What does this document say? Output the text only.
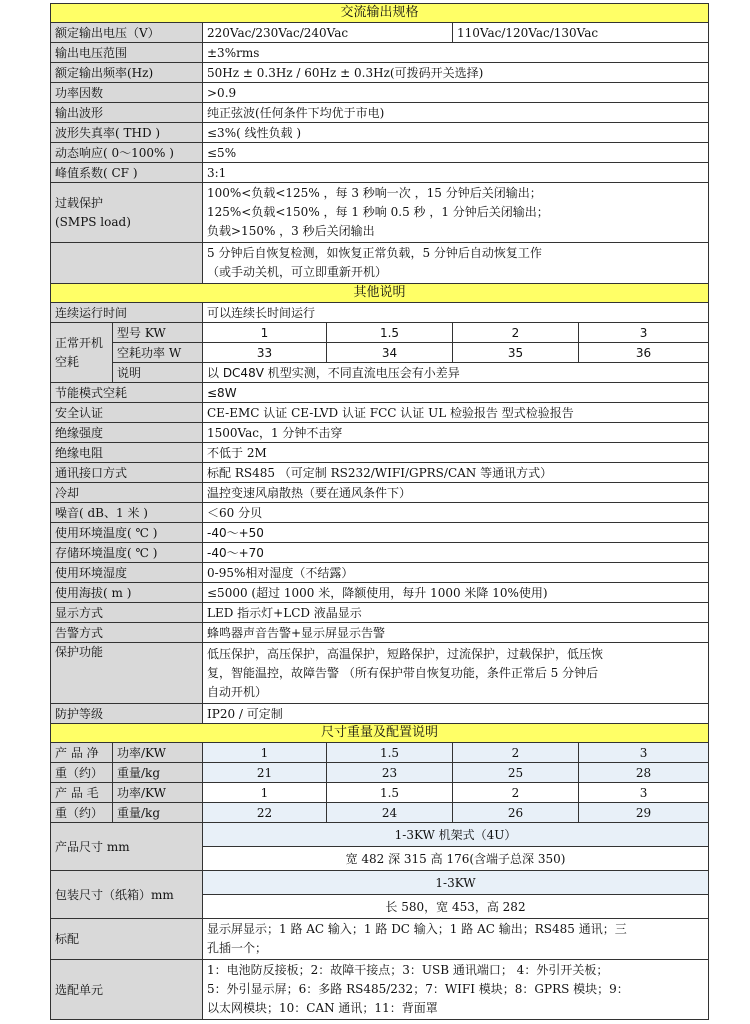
交流输出规格					
额定输出电压（V）		220Vac/230Vac/240Vac		110Vac/120Vac/130Vac	
输出电压范围		±3%rms			
额定输出频率(Hz)		50Hz ± 0.3Hz / 60Hz ± 0.3Hz(可拨码开关选择)			
功率因数		>0.9			
输出波形		纯正弦波(任何条件下均优于市电)			
波形失真率( THD )		≤3%( 线性负载 )			
动态响应( 0～100% )		≤5%			
峰值系数( CF )		3:1			

过载保护
(SMPS load)		100%<负载<125% ，每 3 秒响一次 ，15 分钟后关闭输出；
125%<负载<150% ，每 1 秒响 0.5 秒 ，1 分钟后关闭输出；
负载>150% ，3 秒后关闭输出			

		5 分钟后自恢复检测，如恢复正常负载，5 分钟后自动恢复工作
（或手动关机，可立即重新开机）			

其他说明					
连续运行时间		可以连续长时间运行			
正常开机空耗	型号 KW	1	1.5	2	3
	空耗功率 W	33	34	35	36
	说明	以 DC48V 机型实测，不同直流电压会有小差异			
节能模式空耗		≤8W			
安全认证		CE-EMC 认证 CE-LVD 认证 FCC 认证 UL 检验报告 型式检验报告			
绝缘强度		1500Vac，1 分钟不击穿			
绝缘电阻		不低于 2M			
通讯接口方式		标配 RS485 （可定制 RS232/WIFI/GPRS/CAN 等通讯方式）			
冷却		温控变速风扇散热（要在通风条件下）			
噪音( dB、1 米 )		＜60 分贝			
使用环境温度( ℃ )		-40～+50			
存储环境温度( ℃ )		-40～+70			
使用环境湿度		0-95%相对湿度（不结露）			
使用海拔( m )		≤5000 (超过 1000 米，降额使用，每升 1000 米降 10%使用)			
显示方式		LED 指示灯+LCD 液晶显示			
告警方式		蜂鸣器声音告警+显示屏显示告警			
保护功能		低压保护，高压保护，高温保护，短路保护，过流保护，过载保护，低压恢
复，智能温控，故障告警 （所有保护带自恢复功能，条件正常后 5 分钟后
自动开机）			

防护等级		IP20 / 可定制			
尺寸重量及配置说明					
产 品 净	功率/KW	1	1.5	2	3
重（约）	重量/kg	21	23	25	28
产 品 毛	功率/KW	1	1.5	2	3
重（约）	重量/kg	22	24	26	29
产品尺寸 mm		1-3KW 机架式（4U）			
		宽 482 深 315 高 176(含端子总深 350)			
包装尺寸（纸箱）mm		1-3KW			
		长 580，宽 453，高 282			
标配		显示屏显示；1 路 AC 输入；1 路 DC 输入；1 路 AC 输出；RS485 通讯；三
孔插一个；			

选配单元		1：电池防反接板；2：故障干接点；3：USB 通讯端口； 4：外引开关板；
5：外引显示屏；6：多路 RS485/232；7：WIFI 模块；8：GPRS 模块；9：
以太网模块；10：CAN 通讯；11：背面罩			
